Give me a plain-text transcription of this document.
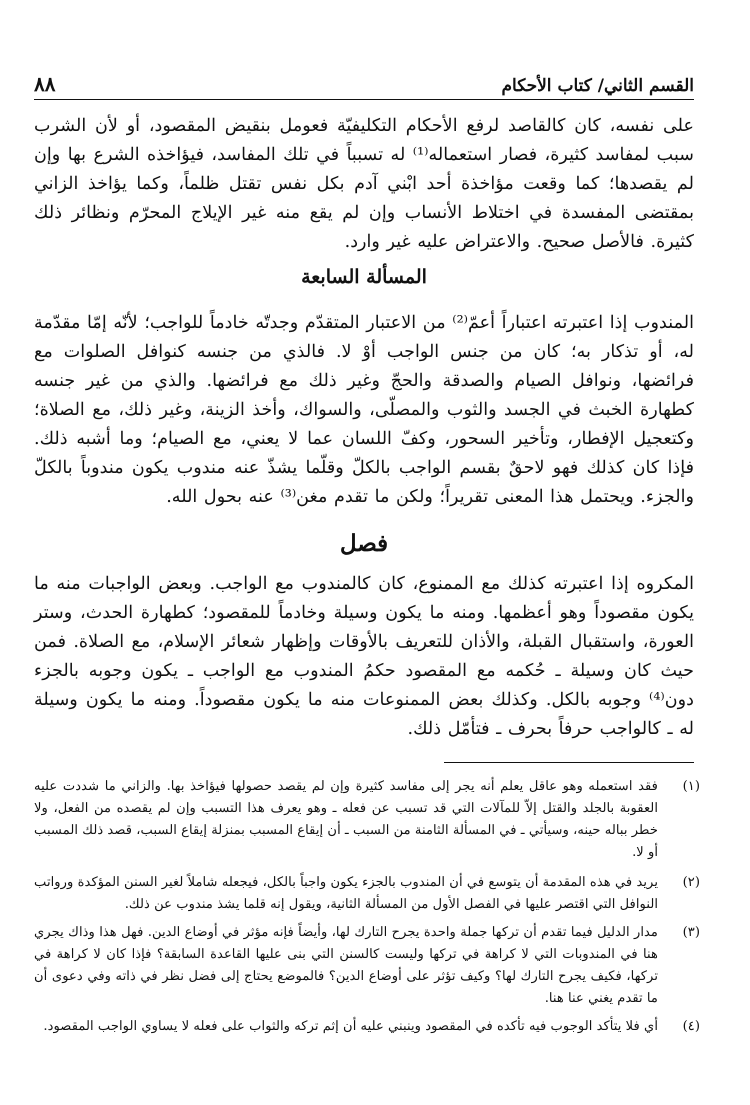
القسم الثاني/ كتاب الأحكام
٨٨

على نفسه، كان كالقاصد لرفع الأحكام التكليفيّة فعومل بنقيض المقصود، أو لأن الشرب سبب لمفاسد كثيرة، فصار استعماله⁽¹⁾ له تسبباً في تلك المفاسد، فيؤاخذه الشرع بها وإن لم يقصدها؛ كما وقعت مؤاخذة أحد ابْني آدم بكل نفس تقتل ظلماً، وكما يؤاخذ الزاني بمقتضى المفسدة في اختلاط الأنساب وإن لم يقع منه غير الإيلاج المحرّم ونظائر ذلك كثيرة. فالأصل صحيح. والاعتراض عليه غير وارد.

المسألة السابعة

المندوب إذا اعتبرته اعتباراً أعمّ⁽²⁾ من الاعتبار المتقدّم وجدتّه خادماً للواجب؛ لأنّه إمّا مقدّمة له، أو تذكار به؛ كان من جنس الواجب أوْ لا. فالذي من جنسه كنوافل الصلوات مع فرائضها، ونوافل الصيام والصدقة والحجّ وغير ذلك مع فرائضها. والذي من غير جنسه كطهارة الخبث في الجسد والثوب والمصلّى، والسواك، وأخذ الزينة، وغير ذلك، مع الصلاة؛ وكتعجيل الإفطار، وتأخير السحور، وكفّ اللسان عما لا يعني، مع الصيام؛ وما أشبه ذلك. فإذا كان كذلك فهو لاحقٌ بقسم الواجب بالكلّ وقلّما يشذّ عنه مندوب يكون مندوباً بالكلّ والجزء. ويحتمل هذا المعنى تقريراً؛ ولكن ما تقدم مغن⁽³⁾ عنه بحول الله.

فصل

المكروه إذا اعتبرته كذلك مع الممنوع، كان كالمندوب مع الواجب. وبعض الواجبات منه ما يكون مقصوداً وهو أعظمها. ومنه ما يكون وسيلة وخادماً للمقصود؛ كطهارة الحدث، وستر العورة، واستقبال القبلة، والأذان للتعريف بالأوقات وإظهار شعائر الإسلام، مع الصلاة. فمن حيث كان وسيلة ـ حُكمه مع المقصود حكمُ المندوب مع الواجب ـ يكون وجوبه بالجزء دون⁽⁴⁾ وجوبه بالكل. وكذلك بعض الممنوعات منه ما يكون مقصوداً. ومنه ما يكون وسيلة له ـ كالواجب حرفاً بحرف ـ فتأمّل ذلك.

(١)
فقد استعمله وهو عاقل يعلم أنه يجر إلى مفاسد كثيرة وإن لم يقصد حصولها فيؤاخذ بها. والزاني ما شددت عليه العقوبة بالجلد والقتل إلاّ للمآلات التي قد تسبب عن فعله ـ وهو يعرف هذا التسبب وإن لم يقصده من الفعل، ولا خطر بباله حينه، وسيأتي ـ في المسألة الثامنة من السبب ـ أن إيقاع المسبب بمنزلة إيقاع السبب، قصد ذلك المسبب أو لا.
(٢)
يريد في هذه المقدمة أن يتوسع في أن المندوب بالجزء يكون واجباً بالكل، فيجعله شاملاً لغير السنن المؤكدة ورواتب النوافل التي اقتصر عليها في الفصل الأول من المسألة الثانية، ويقول إنه قلما يشذ مندوب عن ذلك.
(٣)
مدار الدليل فيما تقدم أن تركها جملة واحدة يجرح التارك لها، وأيضاً فإنه مؤثر في أوضاع الدين. فهل هذا وذاك يجري هنا في المندوبات التي لا كراهة في تركها وليست كالسنن التي بنى عليها القاعدة السابقة؟ فإذا كان لا كراهة في تركها، فكيف يجرح التارك لها؟ وكيف تؤثر على أوضاع الدين؟ فالموضع يحتاج إلى فضل نظر في ذاته وفي دعوى أن ما تقدم يغني عنا هنا.
(٤)
أي فلا يتأكد الوجوب فيه تأكده في المقصود وينبني عليه أن إثم تركه والثواب على فعله لا يساوي الواجب المقصود.
